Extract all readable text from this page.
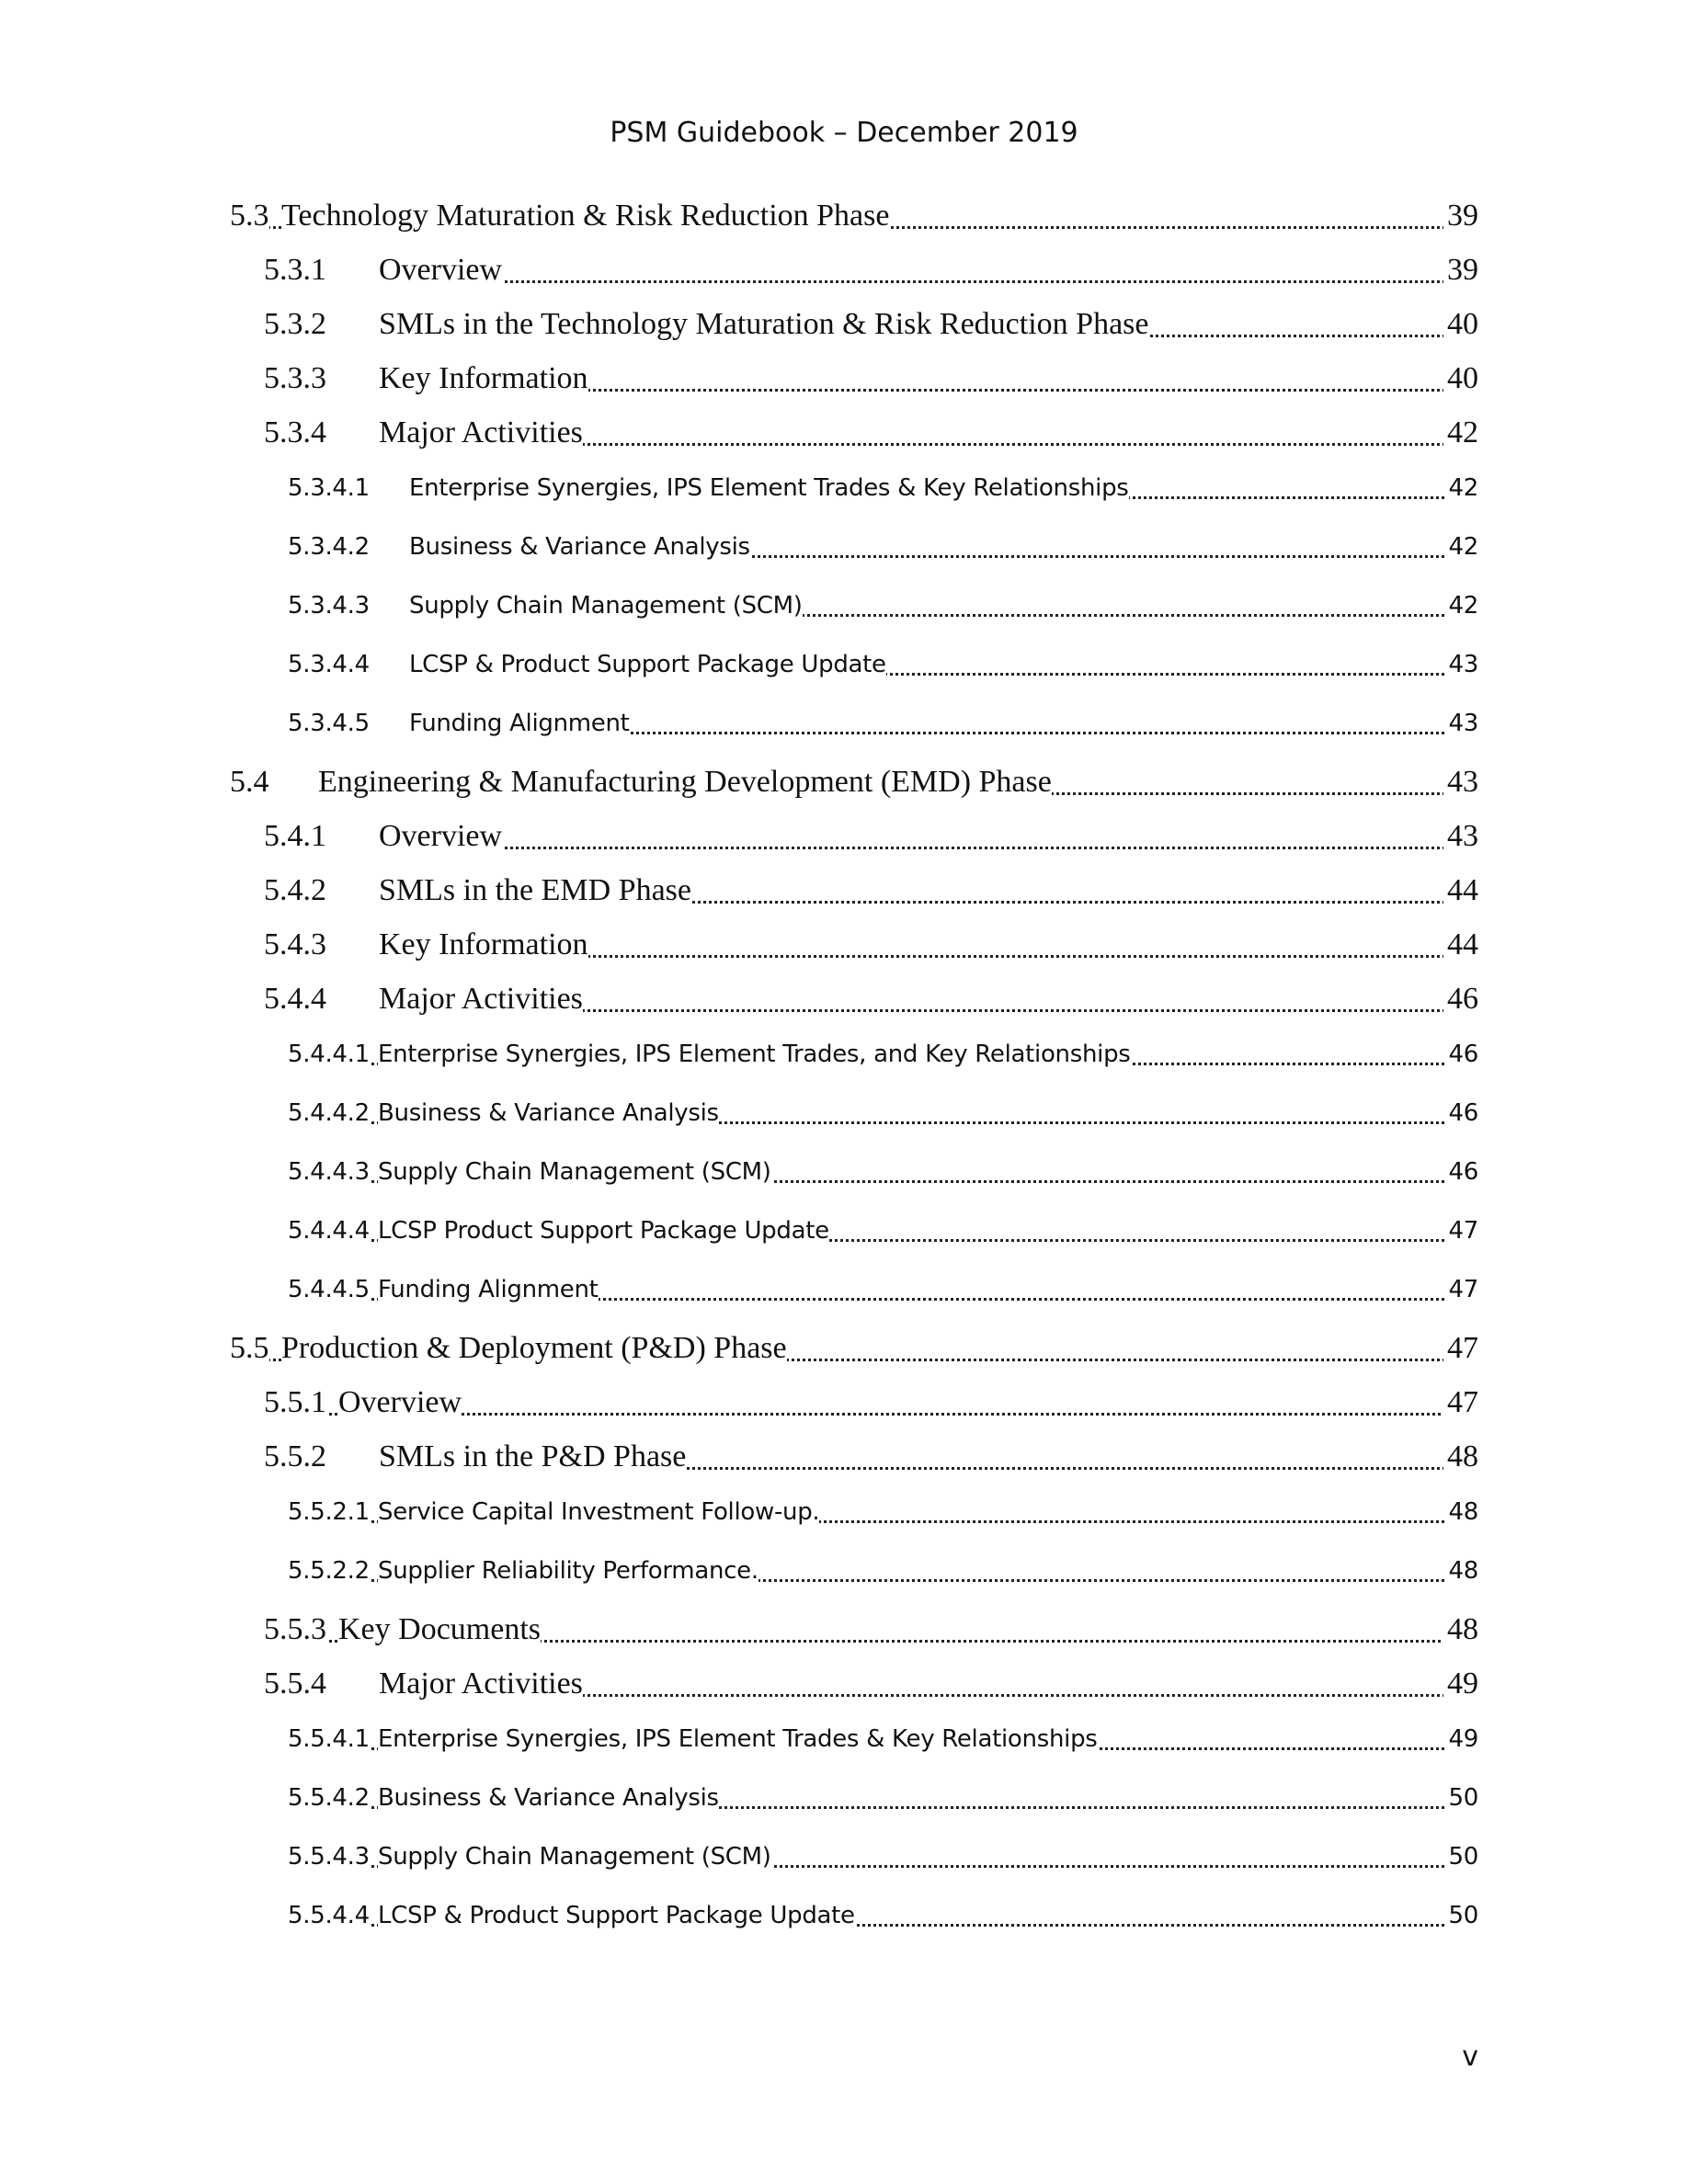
PSM Guidebook – December 2019
5.3 Technology Maturation & Risk Reduction Phase	39
5.3.1 Overview	39
5.3.2 SMLs in the Technology Maturation & Risk Reduction Phase	40
5.3.3 Key Information	40
5.3.4 Major Activities	42
5.3.4.1 Enterprise Synergies, IPS Element Trades & Key Relationships	42
5.3.4.2 Business & Variance Analysis	42
5.3.4.3 Supply Chain Management (SCM)	42
5.3.4.4 LCSP & Product Support Package Update	43
5.3.4.5 Funding Alignment	43
5.4 Engineering & Manufacturing Development (EMD) Phase	43
5.4.1 Overview	43
5.4.2 SMLs in the EMD Phase	44
5.4.3 Key Information	44
5.4.4 Major Activities	46
5.4.4.1 Enterprise Synergies, IPS Element Trades, and Key Relationships	46
5.4.4.2 Business & Variance Analysis	46
5.4.4.3 Supply Chain Management (SCM)	46
5.4.4.4 LCSP Product Support Package Update	47
5.4.4.5 Funding Alignment	47
5.5 Production & Deployment (P&D) Phase	47
5.5.1 Overview	47
5.5.2 SMLs in the P&D Phase	48
5.5.2.1 Service Capital Investment Follow-up.	48
5.5.2.2 Supplier Reliability Performance.	48
5.5.3 Key Documents	48
5.5.4 Major Activities	49
5.5.4.1 Enterprise Synergies, IPS Element Trades & Key Relationships	49
5.5.4.2 Business & Variance Analysis	50
5.5.4.3 Supply Chain Management (SCM)	50
5.5.4.4 LCSP & Product Support Package Update	50
v
